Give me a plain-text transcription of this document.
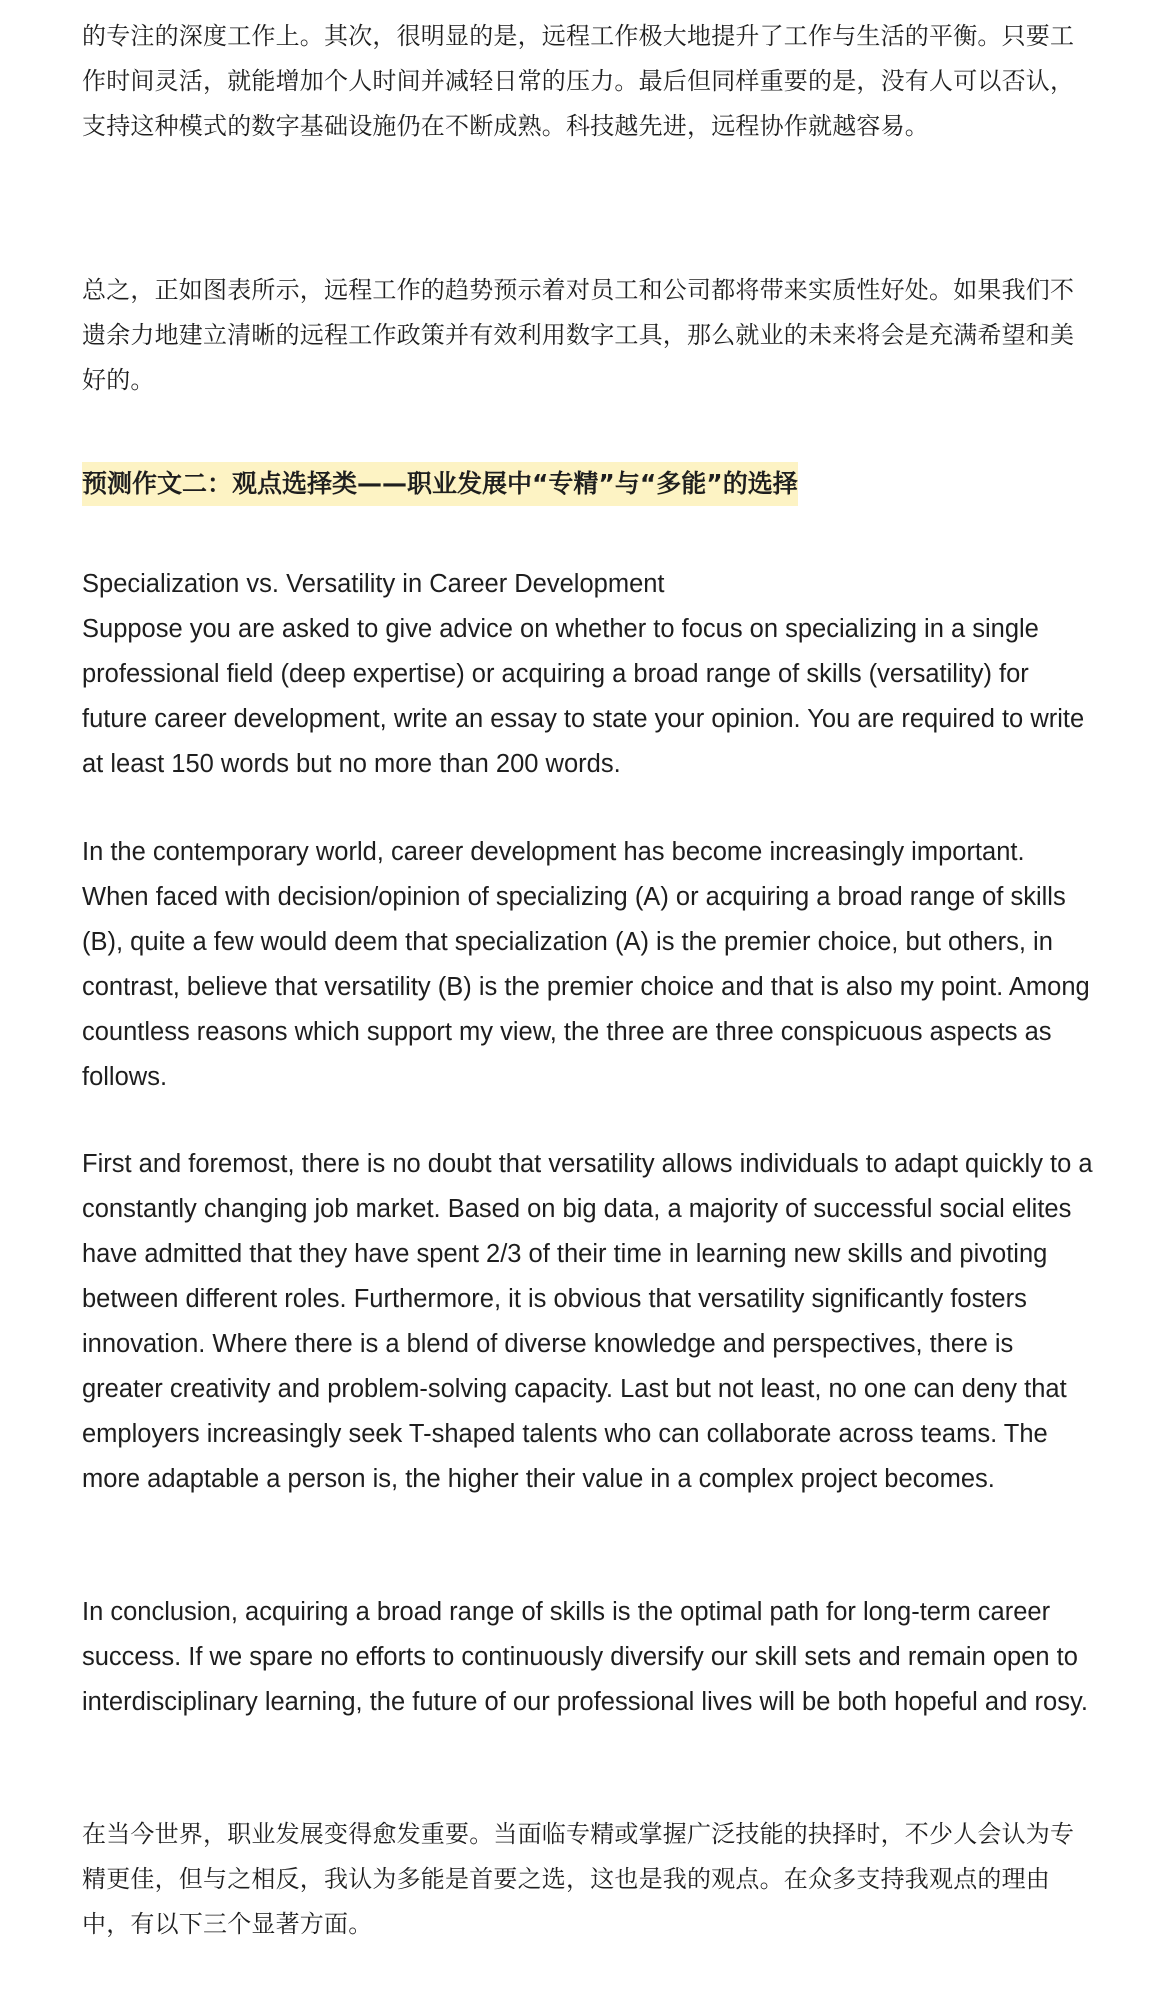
的专注的深度工作上。其次，很明显的是，远程工作极大地提升了工作与生活的平衡。只要工作时间灵活，就能增加个人时间并减轻日常的压力。最后但同样重要的是，没有人可以否认，支持这种模式的数字基础设施仍在不断成熟。科技越先进，远程协作就越容易。

总之，正如图表所示，远程工作的趋势预示着对员工和公司都将带来实质性好处。如果我们不遗余力地建立清晰的远程工作政策并有效利用数字工具，那么就业的未来将会是充满希望和美好的。

预测作文二：观点选择类——职业发展中“专精”与“多能”的选择

Specialization vs. Versatility in Career Development

Suppose you are asked to give advice on whether to focus on specializing in a single professional field (deep expertise) or acquiring a broad range of skills (versatility) for future career development, write an essay to state your opinion. You are required to write at least 150 words but no more than 200 words.

In the contemporary world, career development has become increasingly important. When faced with decision/opinion of specializing (A) or acquiring a broad range of skills (B), quite a few would deem that specialization (A) is the premier choice, but others, in contrast, believe that versatility (B) is the premier choice and that is also my point. Among countless reasons which support my view, the three are three conspicuous aspects as follows.

First and foremost, there is no doubt that versatility allows individuals to adapt quickly to a constantly changing job market. Based on big data, a majority of successful social elites have admitted that they have spent 2/3 of their time in learning new skills and pivoting between different roles. Furthermore, it is obvious that versatility significantly fosters innovation. Where there is a blend of diverse knowledge and perspectives, there is greater creativity and problem-solving capacity. Last but not least, no one can deny that employers increasingly seek T-shaped talents who can collaborate across teams. The more adaptable a person is, the higher their value in a complex project becomes.

In conclusion, acquiring a broad range of skills is the optimal path for long-term career success. If we spare no efforts to continuously diversify our skill sets and remain open to interdisciplinary learning, the future of our professional lives will be both hopeful and rosy.

在当今世界，职业发展变得愈发重要。当面临专精或掌握广泛技能的抉择时，不少人会认为专精更佳，但与之相反，我认为多能是首要之选，这也是我的观点。在众多支持我观点的理由中，有以下三个显著方面。
